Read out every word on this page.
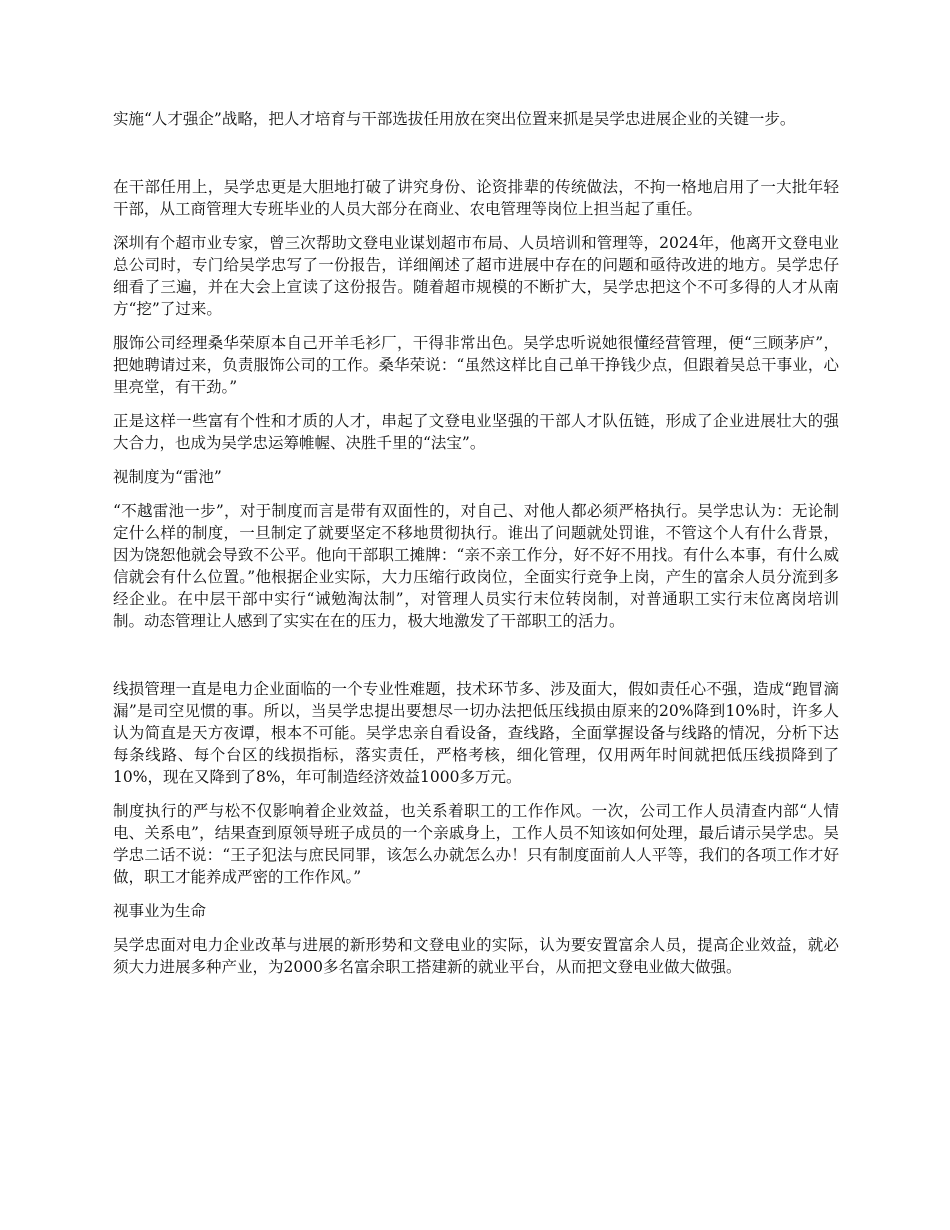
实施“人才强企”战略，把人才培育与干部选拔任用放在突出位置来抓是吴学忠进展企业的关键一步。

在干部任用上，吴学忠更是大胆地打破了讲究身份、论资排辈的传统做法，不拘一格地启用了一大批年轻干部，从工商管理大专班毕业的人员大部分在商业、农电管理等岗位上担当起了重任。

深圳有个超市业专家，曾三次帮助文登电业谋划超市布局、人员培训和管理等，2024年，他离开文登电业总公司时，专门给吴学忠写了一份报告，详细阐述了超市进展中存在的问题和亟待改进的地方。吴学忠仔细看了三遍，并在大会上宣读了这份报告。随着超市规模的不断扩大，吴学忠把这个不可多得的人才从南方“挖”了过来。

服饰公司经理桑华荣原本自己开羊毛衫厂，干得非常出色。吴学忠听说她很懂经营管理，便“三顾茅庐”，把她聘请过来，负责服饰公司的工作。桑华荣说：“虽然这样比自己单干挣钱少点，但跟着吴总干事业，心里亮堂，有干劲。”

正是这样一些富有个性和才质的人才，串起了文登电业坚强的干部人才队伍链，形成了企业进展壮大的强大合力，也成为吴学忠运筹帷幄、决胜千里的“法宝”。

视制度为“雷池”

“不越雷池一步”，对于制度而言是带有双面性的，对自己、对他人都必须严格执行。吴学忠认为：无论制定什么样的制度，一旦制定了就要坚定不移地贯彻执行。谁出了问题就处罚谁，不管这个人有什么背景，因为饶恕他就会导致不公平。他向干部职工摊牌：“亲不亲工作分，好不好不用找。有什么本事，有什么威信就会有什么位置。”他根据企业实际，大力压缩行政岗位，全面实行竞争上岗，产生的富余人员分流到多经企业。在中层干部中实行“诫勉淘汰制”，对管理人员实行末位转岗制，对普通职工实行末位离岗培训制。动态管理让人感到了实实在在的压力，极大地激发了干部职工的活力。

线损管理一直是电力企业面临的一个专业性难题，技术环节多、涉及面大，假如责任心不强，造成“跑冒滴漏”是司空见惯的事。所以，当吴学忠提出要想尽一切办法把低压线损由原来的20%降到10%时，许多人认为简直是天方夜谭，根本不可能。吴学忠亲自看设备，查线路，全面掌握设备与线路的情况，分析下达每条线路、每个台区的线损指标，落实责任，严格考核，细化管理，仅用两年时间就把低压线损降到了10%，现在又降到了8%，年可制造经济效益1000多万元。

制度执行的严与松不仅影响着企业效益，也关系着职工的工作作风。一次，公司工作人员清查内部“人情电、关系电”，结果查到原领导班子成员的一个亲戚身上，工作人员不知该如何处理，最后请示吴学忠。吴学忠二话不说：“王子犯法与庶民同罪，该怎么办就怎么办！只有制度面前人人平等，我们的各项工作才好做，职工才能养成严密的工作作风。”

视事业为生命

吴学忠面对电力企业改革与进展的新形势和文登电业的实际，认为要安置富余人员，提高企业效益，就必须大力进展多种产业，为2000多名富余职工搭建新的就业平台，从而把文登电业做大做强。
